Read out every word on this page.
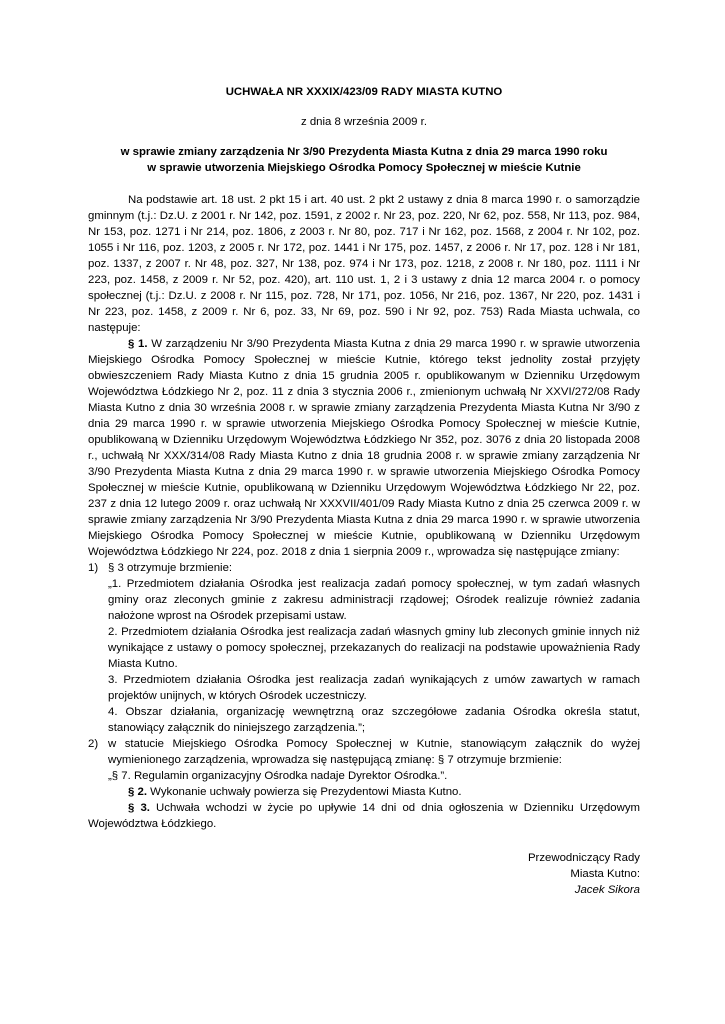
UCHWAŁA NR XXXIX/423/09 RADY MIASTA KUTNO
z dnia 8 września 2009 r.
w sprawie zmiany zarządzenia Nr 3/90 Prezydenta Miasta Kutna z dnia 29 marca 1990 roku
w sprawie utworzenia Miejskiego Ośrodka Pomocy Społecznej w mieście Kutnie

Na podstawie art. 18 ust. 2 pkt 15 i art. 40 ust. 2 pkt 2 ustawy z dnia 8 marca 1990 r. o samorządzie gminnym (t.j.: Dz.U. z 2001 r. Nr 142, poz. 1591, z 2002 r. Nr 23, poz. 220, Nr 62, poz. 558, Nr 113, poz. 984, Nr 153, poz. 1271 i Nr 214, poz. 1806, z 2003 r. Nr 80, poz. 717 i Nr 162, poz. 1568, z 2004 r. Nr 102, poz. 1055 i Nr 116, poz. 1203, z 2005 r. Nr 172, poz. 1441 i Nr 175, poz. 1457, z 2006 r. Nr 17, poz. 128 i Nr 181, poz. 1337, z 2007 r. Nr 48, poz. 327, Nr 138, poz. 974 i Nr 173, poz. 1218, z 2008 r. Nr 180, poz. 1111 i Nr 223, poz. 1458, z 2009 r. Nr 52, poz. 420), art. 110 ust. 1, 2 i 3 ustawy z dnia 12 marca 2004 r. o pomocy społecznej (t.j.: Dz.U. z 2008 r. Nr 115, poz. 728, Nr 171, poz. 1056, Nr 216, poz. 1367, Nr 220, poz. 1431 i Nr 223, poz. 1458, z 2009 r. Nr 6, poz. 33, Nr 69, poz. 590 i Nr 92, poz. 753) Rada Miasta uchwala, co następuje:

§ 1. W zarządzeniu Nr 3/90 Prezydenta Miasta Kutna z dnia 29 marca 1990 r. w sprawie utworzenia Miejskiego Ośrodka Pomocy Społecznej w mieście Kutnie, którego tekst jednolity został przyjęty obwieszczeniem Rady Miasta Kutno z dnia 15 grudnia 2005 r. opublikowanym w Dzienniku Urzędowym Województwa Łódzkiego Nr 2, poz. 11 z dnia 3 stycznia 2006 r., zmienionym uchwałą Nr XXVI/272/08 Rady Miasta Kutno z dnia 30 września 2008 r. w sprawie zmiany zarządzenia Prezydenta Miasta Kutna Nr 3/90 z dnia 29 marca 1990 r. w sprawie utworzenia Miejskiego Ośrodka Pomocy Społecznej w mieście Kutnie, opublikowaną w Dzienniku Urzędowym Województwa Łódzkiego Nr 352, poz. 3076 z dnia 20 listopada 2008 r., uchwałą Nr XXX/314/08 Rady Miasta Kutno z dnia 18 grudnia 2008 r. w sprawie zmiany zarządzenia Nr 3/90 Prezydenta Miasta Kutna z dnia 29 marca 1990 r. w sprawie utworzenia Miejskiego Ośrodka Pomocy Społecznej w mieście Kutnie, opublikowaną w Dzienniku Urzędowym Województwa Łódzkiego Nr 22, poz. 237 z dnia 12 lutego 2009 r. oraz uchwałą Nr XXXVII/401/09 Rady Miasta Kutno z dnia 25 czerwca 2009 r. w sprawie zmiany zarządzenia Nr 3/90 Prezydenta Miasta Kutna z dnia 29 marca 1990 r. w sprawie utworzenia Miejskiego Ośrodka Pomocy Społecznej w mieście Kutnie, opublikowaną w Dzienniku Urzędowym Województwa Łódzkiego Nr 224, poz. 2018 z dnia 1 sierpnia 2009 r., wprowadza się następujące zmiany:

1) § 3 otrzymuje brzmienie:

„1. Przedmiotem działania Ośrodka jest realizacja zadań pomocy społecznej, w tym zadań własnych gminy oraz zleconych gminie z zakresu administracji rządowej; Ośrodek realizuje również zadania nałożone wprost na Ośrodek przepisami ustaw.

2. Przedmiotem działania Ośrodka jest realizacja zadań własnych gminy lub zleconych gminie innych niż wynikające z ustawy o pomocy społecznej, przekazanych do realizacji na podstawie upoważnienia Rady Miasta Kutno.

3. Przedmiotem działania Ośrodka jest realizacja zadań wynikających z umów zawartych w ramach projektów unijnych, w których Ośrodek uczestniczy.

4. Obszar działania, organizację wewnętrzną oraz szczegółowe zadania Ośrodka określa statut, stanowiący załącznik do niniejszego zarządzenia.”;

2) w statucie Miejskiego Ośrodka Pomocy Społecznej w Kutnie, stanowiącym załącznik do wyżej wymienionego zarządzenia, wprowadza się następującą zmianę: § 7 otrzymuje brzmienie:

„§ 7. Regulamin organizacyjny Ośrodka nadaje Dyrektor Ośrodka.”.

§ 2. Wykonanie uchwały powierza się Prezydentowi Miasta Kutno.

§ 3. Uchwała wchodzi w życie po upływie 14 dni od dnia ogłoszenia w Dzienniku Urzędowym Województwa Łódzkiego.

Przewodniczący Rady
Miasta Kutno:
Jacek Sikora
